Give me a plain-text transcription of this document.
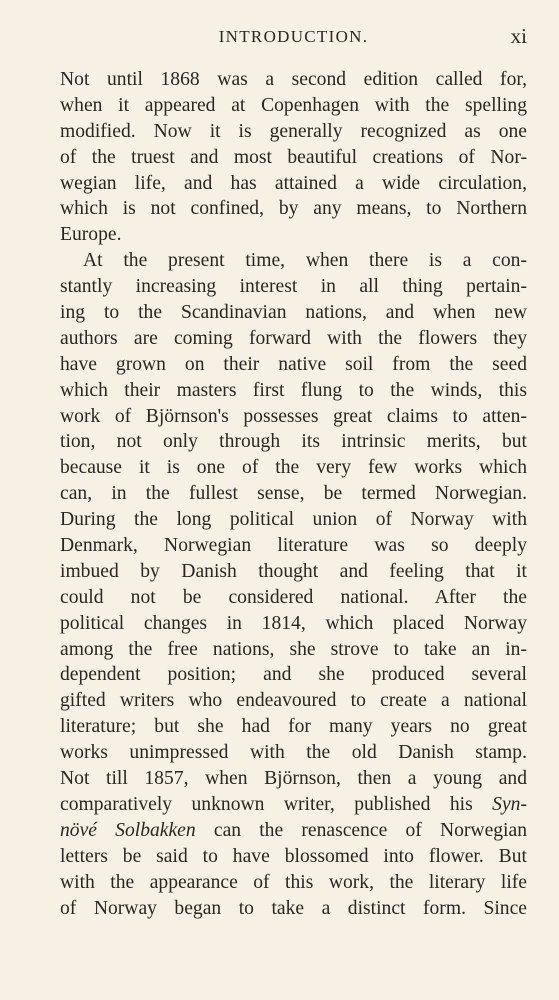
INTRODUCTION.	xi
Not until 1868 was a second edition called for,
when it appeared at Copenhagen with the spelling
modified. Now it is generally recognized as one
of the truest and most beautiful creations of Nor-
wegian life, and has attained a wide circulation,
which is not confined, by any means, to Northern
Europe.
At the present time, when there is a con-
stantly increasing interest in all thing pertain-
ing to the Scandinavian nations, and when new
authors are coming forward with the flowers they
have grown on their native soil from the seed
which their masters first flung to the winds, this
work of Björnson's possesses great claims to atten-
tion, not only through its intrinsic merits, but
because it is one of the very few works which
can, in the fullest sense, be termed Norwegian.
During the long political union of Norway with
Denmark, Norwegian literature was so deeply
imbued by Danish thought and feeling that it
could not be considered national. After the
political changes in 1814, which placed Norway
among the free nations, she strove to take an in-
dependent position; and she produced several
gifted writers who endeavoured to create a national
literature; but she had for many years no great
works unimpressed with the old Danish stamp.
Not till 1857, when Björnson, then a young and
comparatively unknown writer, published his Syn-
növé Solbakken can the renascence of Norwegian
letters be said to have blossomed into flower. But
with the appearance of this work, the literary life
of Norway began to take a distinct form. Since
